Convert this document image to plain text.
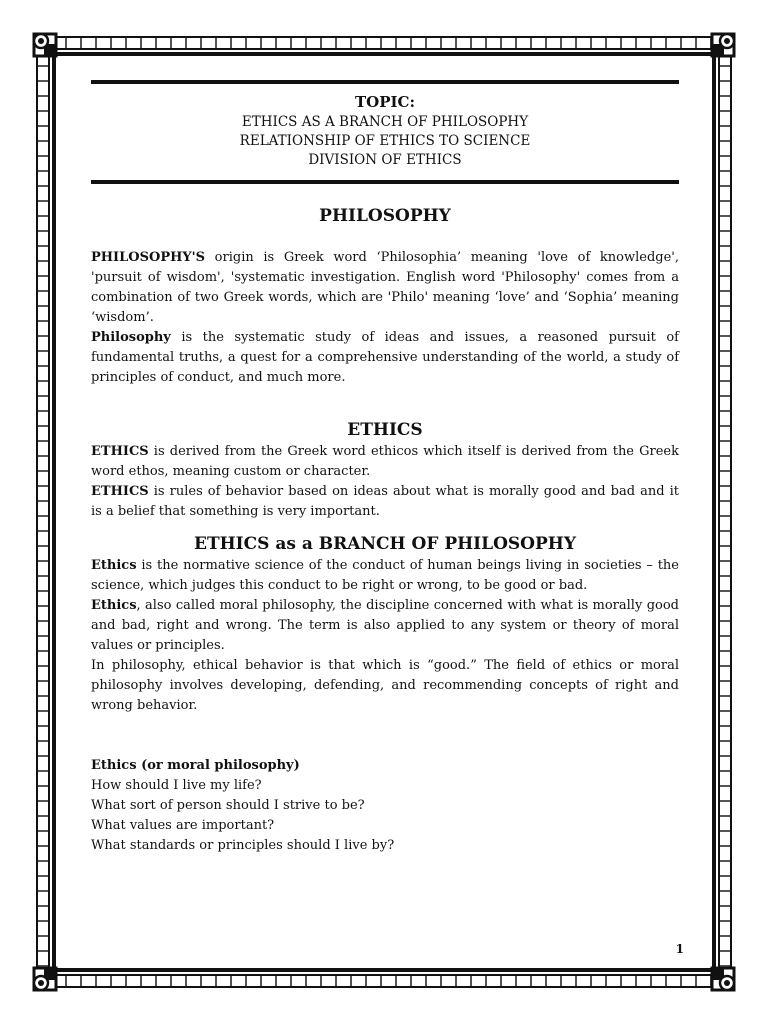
TOPIC:
ETHICS AS A BRANCH OF PHILOSOPHY
RELATIONSHIP OF ETHICS TO SCIENCE
DIVISION OF ETHICS
PHILOSOPHY

PHILOSOPHY'S origin is Greek word ‘Philosophia’ meaning 'love of knowledge', 'pursuit of wisdom', 'systematic investigation. English word 'Philosophy' comes from a combination of two Greek words, which are 'Philo' meaning ‘love’ and ‘Sophia’ meaning ‘wisdom’.

Philosophy is the systematic study of ideas and issues, a reasoned pursuit of fundamental truths, a quest for a comprehensive understanding of the world, a study of principles of conduct, and much more.

ETHICS

ETHICS is derived from the Greek word ethicos which itself is derived from the Greek word ethos, meaning custom or character.

ETHICS is rules of behavior based on ideas about what is morally good and bad and it is a belief that something is very important.

ETHICS as a BRANCH OF PHILOSOPHY

Ethics is the normative science of the conduct of human beings living in societies – the science, which judges this conduct to be right or wrong, to be good or bad.

Ethics, also called moral philosophy, the discipline concerned with what is morally good and bad, right and wrong. The term is also applied to any system or theory of moral values or principles.

In philosophy, ethical behavior is that which is “good.” The field of ethics or moral philosophy involves developing, defending, and recommending concepts of right and wrong behavior.

Ethics (or moral philosophy)

How should I live my life?

What sort of person should I strive to be?

What values are important?

What standards or principles should I live by?

1
